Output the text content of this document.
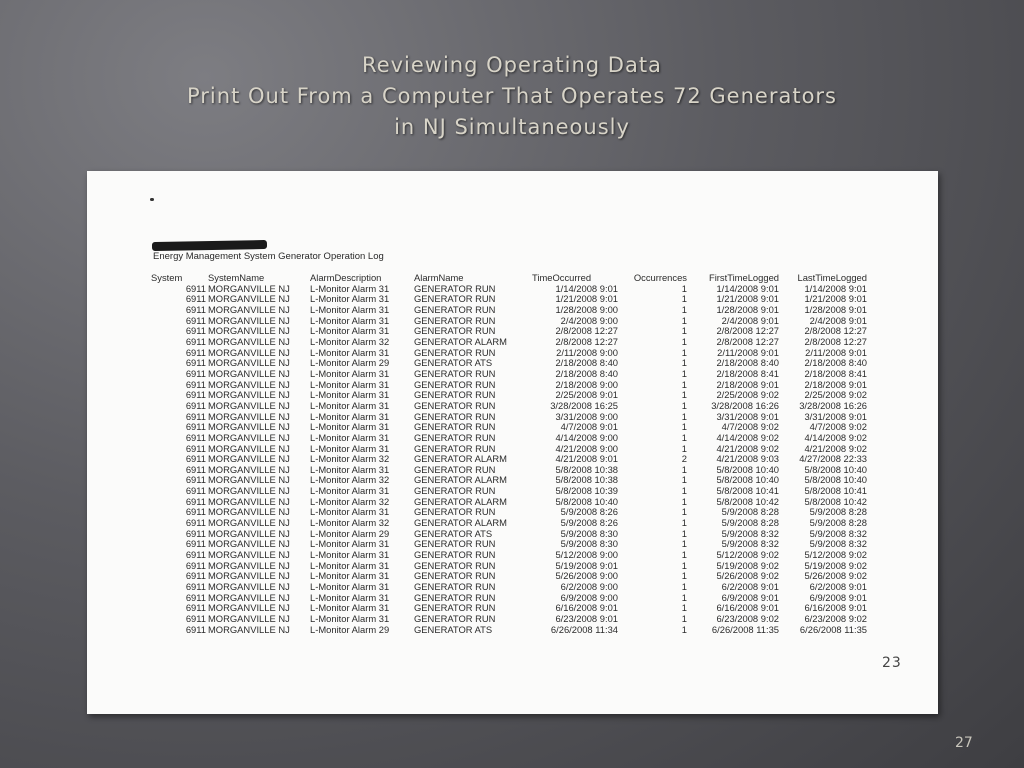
Reviewing Operating Data
Print Out From a Computer That Operates 72 Generators
in NJ Simultaneously
Energy Management System Generator Operation Log
System	SystemName	AlarmDescription	AlarmName	TimeOccurred	Occurrences	FirstTimeLogged	LastTimeLogged
6911	MORGANVILLE NJ	L-Monitor Alarm 31	GENERATOR RUN	1/14/2008 9:01	1	1/14/2008 9:01	1/14/2008 9:01
6911	MORGANVILLE NJ	L-Monitor Alarm 31	GENERATOR RUN	1/21/2008 9:01	1	1/21/2008 9:01	1/21/2008 9:01
6911	MORGANVILLE NJ	L-Monitor Alarm 31	GENERATOR RUN	1/28/2008 9:00	1	1/28/2008 9:01	1/28/2008 9:01
6911	MORGANVILLE NJ	L-Monitor Alarm 31	GENERATOR RUN	2/4/2008 9:00	1	2/4/2008 9:01	2/4/2008 9:01
6911	MORGANVILLE NJ	L-Monitor Alarm 31	GENERATOR RUN	2/8/2008 12:27	1	2/8/2008 12:27	2/8/2008 12:27
6911	MORGANVILLE NJ	L-Monitor Alarm 32	GENERATOR ALARM	2/8/2008 12:27	1	2/8/2008 12:27	2/8/2008 12:27
6911	MORGANVILLE NJ	L-Monitor Alarm 31	GENERATOR RUN	2/11/2008 9:00	1	2/11/2008 9:01	2/11/2008 9:01
6911	MORGANVILLE NJ	L-Monitor Alarm 29	GENERATOR ATS	2/18/2008 8:40	1	2/18/2008 8:40	2/18/2008 8:40
6911	MORGANVILLE NJ	L-Monitor Alarm 31	GENERATOR RUN	2/18/2008 8:40	1	2/18/2008 8:41	2/18/2008 8:41
6911	MORGANVILLE NJ	L-Monitor Alarm 31	GENERATOR RUN	2/18/2008 9:00	1	2/18/2008 9:01	2/18/2008 9:01
6911	MORGANVILLE NJ	L-Monitor Alarm 31	GENERATOR RUN	2/25/2008 9:01	1	2/25/2008 9:02	2/25/2008 9:02
6911	MORGANVILLE NJ	L-Monitor Alarm 31	GENERATOR RUN	3/28/2008 16:25	1	3/28/2008 16:26	3/28/2008 16:26
6911	MORGANVILLE NJ	L-Monitor Alarm 31	GENERATOR RUN	3/31/2008 9:00	1	3/31/2008 9:01	3/31/2008 9:01
6911	MORGANVILLE NJ	L-Monitor Alarm 31	GENERATOR RUN	4/7/2008 9:01	1	4/7/2008 9:02	4/7/2008 9:02
6911	MORGANVILLE NJ	L-Monitor Alarm 31	GENERATOR RUN	4/14/2008 9:00	1	4/14/2008 9:02	4/14/2008 9:02
6911	MORGANVILLE NJ	L-Monitor Alarm 31	GENERATOR RUN	4/21/2008 9:00	1	4/21/2008 9:02	4/21/2008 9:02
6911	MORGANVILLE NJ	L-Monitor Alarm 32	GENERATOR ALARM	4/21/2008 9:01	2	4/21/2008 9:03	4/27/2008 22:33
6911	MORGANVILLE NJ	L-Monitor Alarm 31	GENERATOR RUN	5/8/2008 10:38	1	5/8/2008 10:40	5/8/2008 10:40
6911	MORGANVILLE NJ	L-Monitor Alarm 32	GENERATOR ALARM	5/8/2008 10:38	1	5/8/2008 10:40	5/8/2008 10:40
6911	MORGANVILLE NJ	L-Monitor Alarm 31	GENERATOR RUN	5/8/2008 10:39	1	5/8/2008 10:41	5/8/2008 10:41
6911	MORGANVILLE NJ	L-Monitor Alarm 32	GENERATOR ALARM	5/8/2008 10:40	1	5/8/2008 10:42	5/8/2008 10:42
6911	MORGANVILLE NJ	L-Monitor Alarm 31	GENERATOR RUN	5/9/2008 8:26	1	5/9/2008 8:28	5/9/2008 8:28
6911	MORGANVILLE NJ	L-Monitor Alarm 32	GENERATOR ALARM	5/9/2008 8:26	1	5/9/2008 8:28	5/9/2008 8:28
6911	MORGANVILLE NJ	L-Monitor Alarm 29	GENERATOR ATS	5/9/2008 8:30	1	5/9/2008 8:32	5/9/2008 8:32
6911	MORGANVILLE NJ	L-Monitor Alarm 31	GENERATOR RUN	5/9/2008 8:30	1	5/9/2008 8:32	5/9/2008 8:32
6911	MORGANVILLE NJ	L-Monitor Alarm 31	GENERATOR RUN	5/12/2008 9:00	1	5/12/2008 9:02	5/12/2008 9:02
6911	MORGANVILLE NJ	L-Monitor Alarm 31	GENERATOR RUN	5/19/2008 9:01	1	5/19/2008 9:02	5/19/2008 9:02
6911	MORGANVILLE NJ	L-Monitor Alarm 31	GENERATOR RUN	5/26/2008 9:00	1	5/26/2008 9:02	5/26/2008 9:02
6911	MORGANVILLE NJ	L-Monitor Alarm 31	GENERATOR RUN	6/2/2008 9:00	1	6/2/2008 9:01	6/2/2008 9:01
6911	MORGANVILLE NJ	L-Monitor Alarm 31	GENERATOR RUN	6/9/2008 9:00	1	6/9/2008 9:01	6/9/2008 9:01
6911	MORGANVILLE NJ	L-Monitor Alarm 31	GENERATOR RUN	6/16/2008 9:01	1	6/16/2008 9:01	6/16/2008 9:01
6911	MORGANVILLE NJ	L-Monitor Alarm 31	GENERATOR RUN	6/23/2008 9:01	1	6/23/2008 9:02	6/23/2008 9:02
6911	MORGANVILLE NJ	L-Monitor Alarm 29	GENERATOR ATS	6/26/2008 11:34	1	6/26/2008 11:35	6/26/2008 11:35
23
27
